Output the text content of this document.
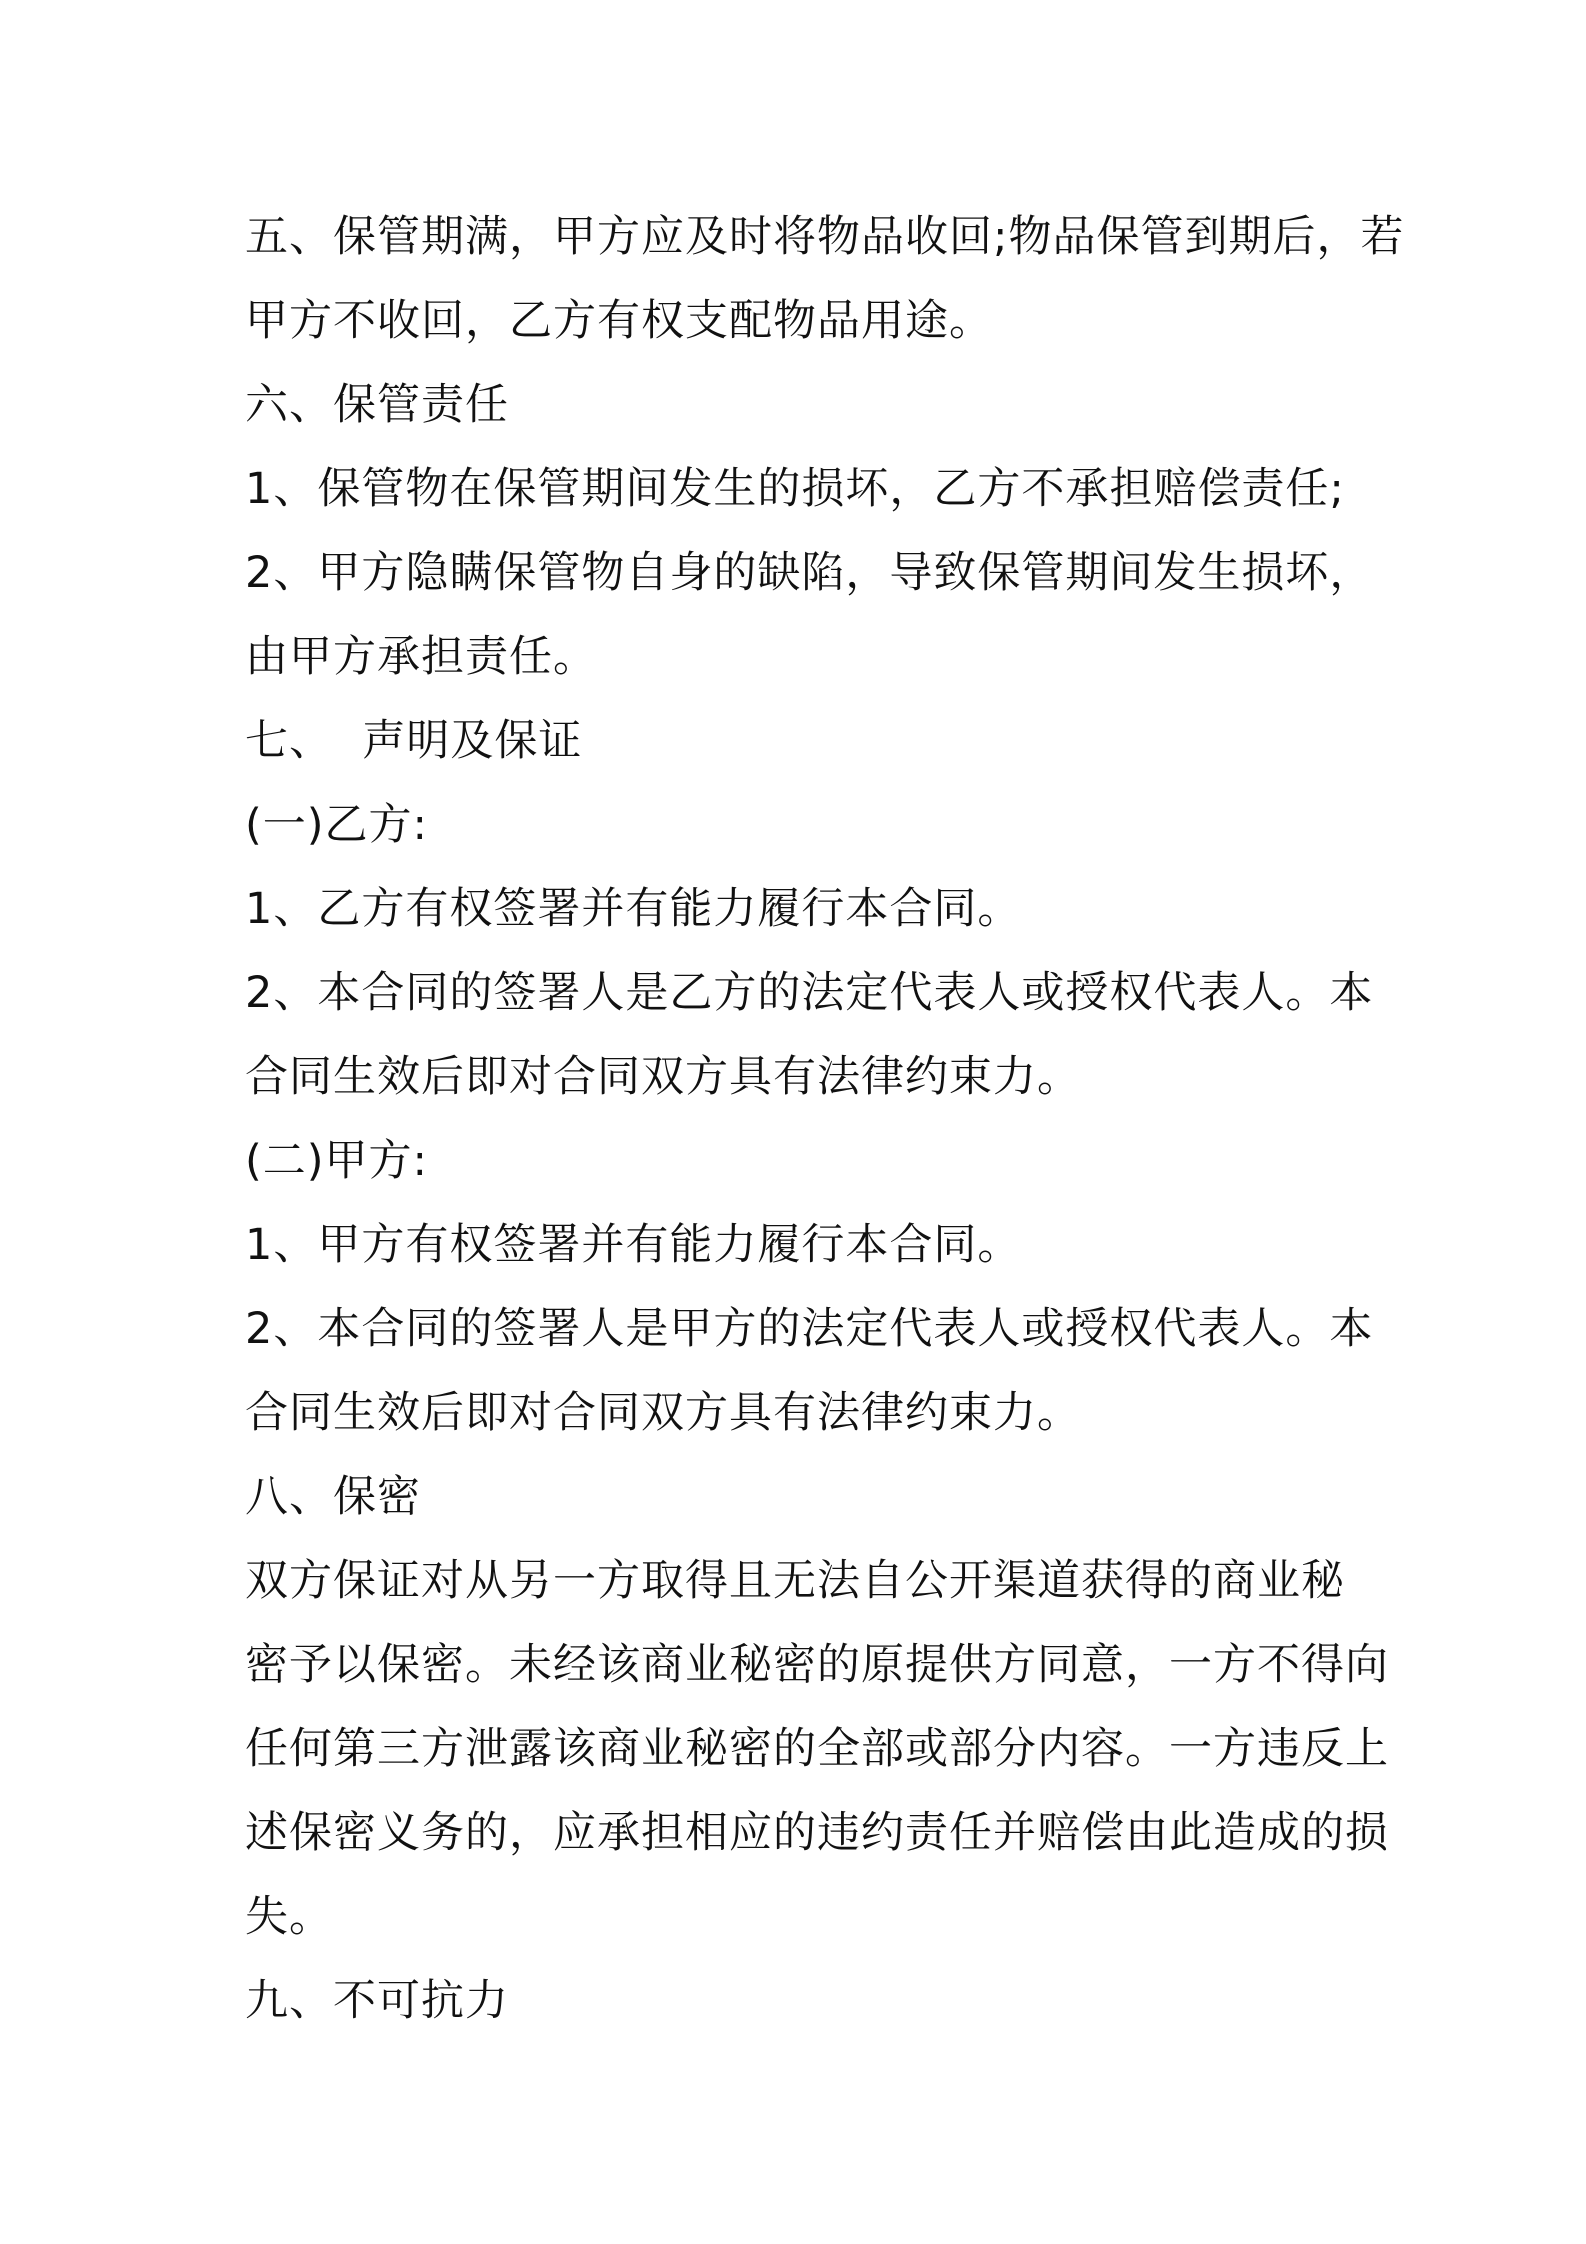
五、保管期满，甲方应及时将物品收回;物品保管到期后，若
甲方不收回，乙方有权支配物品用途。
六、保管责任
1、保管物在保管期间发生的损坏，乙方不承担赔偿责任;
2、甲方隐瞒保管物自身的缺陷，导致保管期间发生损坏，
由甲方承担责任。
七、  声明及保证
(一)乙方:
1、乙方有权签署并有能力履行本合同。
2、本合同的签署人是乙方的法定代表人或授权代表人。本
合同生效后即对合同双方具有法律约束力。
(二)甲方:
1、甲方有权签署并有能力履行本合同。
2、本合同的签署人是甲方的法定代表人或授权代表人。本
合同生效后即对合同双方具有法律约束力。
八、保密
双方保证对从另一方取得且无法自公开渠道获得的商业秘
密予以保密。未经该商业秘密的原提供方同意，一方不得向
任何第三方泄露该商业秘密的全部或部分内容。一方违反上
述保密义务的，应承担相应的违约责任并赔偿由此造成的损
失。
九、不可抗力
